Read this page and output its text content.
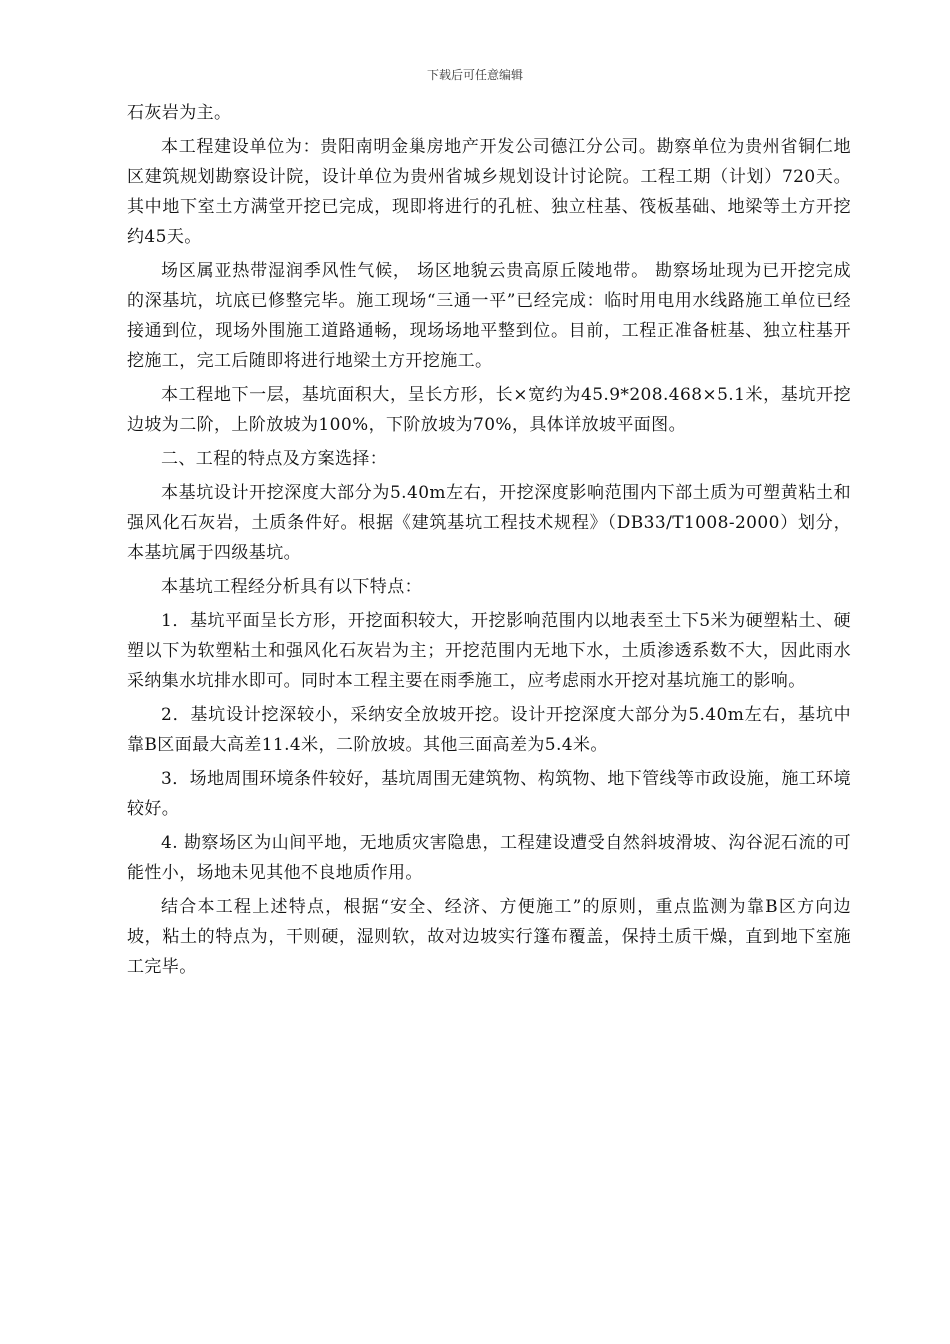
下载后可任意编辑

石灰岩为主。

本工程建设单位为：贵阳南明金巢房地产开发公司德江分公司。勘察单位为贵州省铜仁地区建筑规划勘察设计院，设计单位为贵州省城乡规划设计讨论院。工程工期（计划）720天。其中地下室土方满堂开挖已完成，现即将进行的孔桩、独立柱基、筏板基础、地梁等土方开挖约45天。

场区属亚热带湿润季风性气候， 场区地貌云贵高原丘陵地带。 勘察场址现为已开挖完成的深基坑，坑底已修整完毕。施工现场“三通一平”已经完成：临时用电用水线路施工单位已经接通到位，现场外围施工道路通畅，现场场地平整到位。目前，工程正准备桩基、独立柱基开挖施工，完工后随即将进行地梁土方开挖施工。

本工程地下一层，基坑面积大，呈长方形，长×宽约为45.9*208.468×5.1米，基坑开挖边坡为二阶，上阶放坡为100%，下阶放坡为70%，具体详放坡平面图。

二、工程的特点及方案选择：

本基坑设计开挖深度大部分为5.40m左右，开挖深度影响范围内下部土质为可塑黄粘土和强风化石灰岩，土质条件好。根据《建筑基坑工程技术规程》（DB33/T1008-2000）划分，本基坑属于四级基坑。

本基坑工程经分析具有以下特点：

1．基坑平面呈长方形，开挖面积较大，开挖影响范围内以地表至土下5米为硬塑粘土、硬塑以下为软塑粘土和强风化石灰岩为主；开挖范围内无地下水，土质渗透系数不大，因此雨水采纳集水坑排水即可。同时本工程主要在雨季施工，应考虑雨水开挖对基坑施工的影响。

2．基坑设计挖深较小，采纳安全放坡开挖。设计开挖深度大部分为5.40m左右，基坑中靠B区面最大高差11.4米，二阶放坡。其他三面高差为5.4米。

3．场地周围环境条件较好，基坑周围无建筑物、构筑物、地下管线等市政设施，施工环境较好。

4. 勘察场区为山间平地，无地质灾害隐患，工程建设遭受自然斜坡滑坡、沟谷泥石流的可能性小，场地未见其他不良地质作用。

结合本工程上述特点，根据“安全、经济、方便施工”的原则，重点监测为靠B区方向边坡，粘土的特点为，干则硬，湿则软，故对边坡实行篷布覆盖，保持土质干燥，直到地下室施工完毕。
